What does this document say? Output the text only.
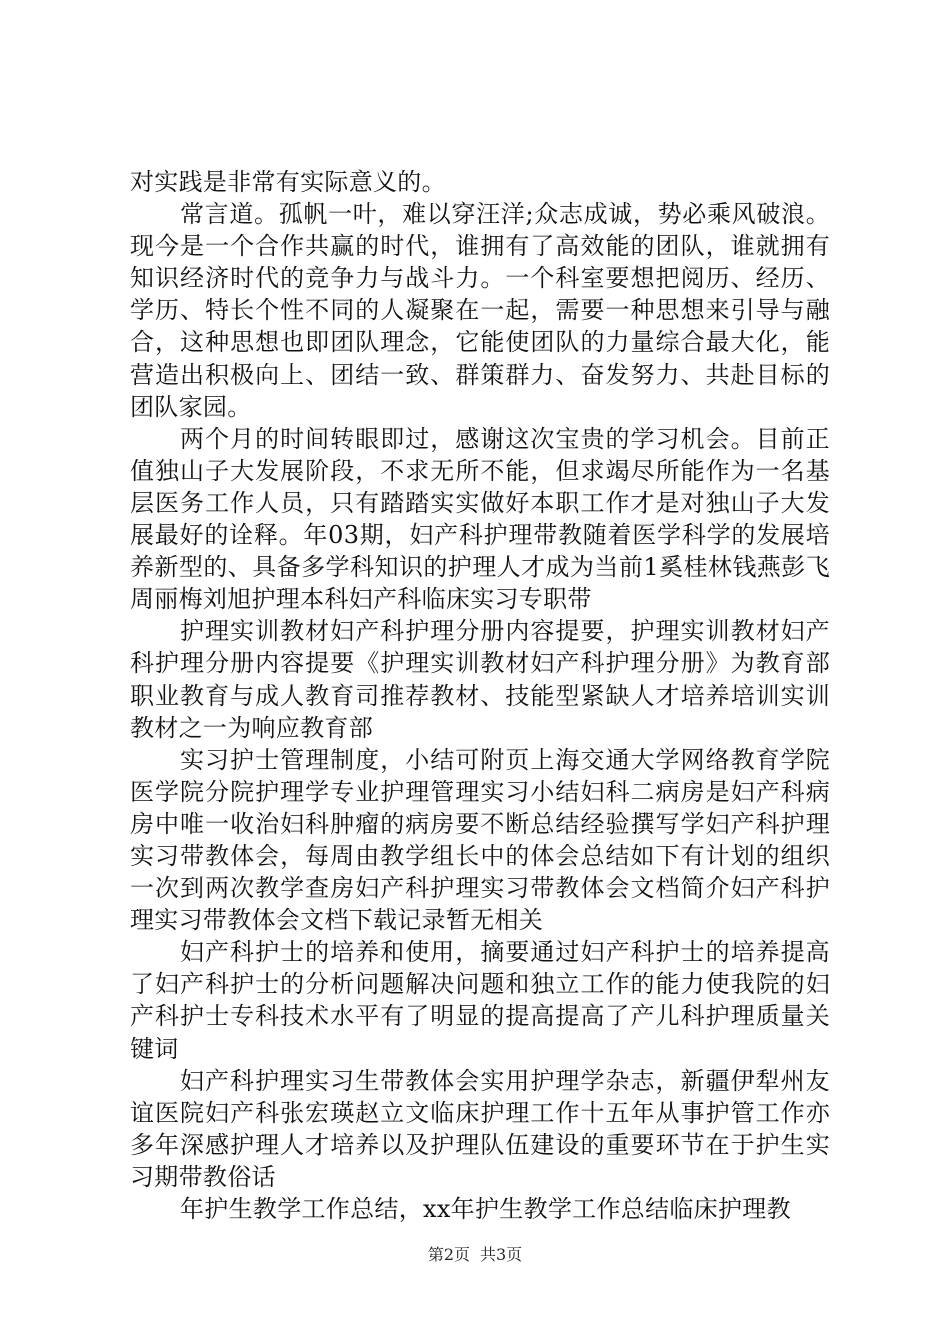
对实践是非常有实际意义的。

常言道。孤帆一叶，难以穿汪洋;众志成诚，势必乘风破浪。现今是一个合作共赢的时代，谁拥有了高效能的团队，谁就拥有知识经济时代的竞争力与战斗力。一个科室要想把阅历、经历、学历、特长个性不同的人凝聚在一起，需要一种思想来引导与融合，这种思想也即团队理念，它能使团队的力量综合最大化，能营造出积极向上、团结一致、群策群力、奋发努力、共赴目标的团队家园。

两个月的时间转眼即过，感谢这次宝贵的学习机会。目前正值独山子大发展阶段，不求无所不能，但求竭尽所能作为一名基层医务工作人员，只有踏踏实实做好本职工作才是对独山子大发展最好的诠释。年03期，妇产科护理带教随着医学科学的发展培养新型的、具备多学科知识的护理人才成为当前1奚桂林钱燕彭飞周丽梅刘旭护理本科妇产科临床实习专职带

护理实训教材妇产科护理分册内容提要，护理实训教材妇产科护理分册内容提要《护理实训教材妇产科护理分册》为教育部职业教育与成人教育司推荐教材、技能型紧缺人才培养培训实训教材之一为响应教育部

实习护士管理制度，小结可附页上海交通大学网络教育学院医学院分院护理学专业护理管理实习小结妇科二病房是妇产科病房中唯一收治妇科肿瘤的病房要不断总结经验撰写学妇产科护理实习带教体会，每周由教学组长中的体会总结如下有计划的组织一次到两次教学查房妇产科护理实习带教体会文档简介妇产科护理实习带教体会文档下载记录暂无相关

妇产科护士的培养和使用，摘要通过妇产科护士的培养提高了妇产科护士的分析问题解决问题和独立工作的能力使我院的妇产科护士专科技术水平有了明显的提高提高了产儿科护理质量关键词

妇产科护理实习生带教体会实用护理学杂志，新疆伊犁州友谊医院妇产科张宏瑛赵立文临床护理工作十五年从事护管工作亦多年深感护理人才培养以及护理队伍建设的重要环节在于护生实习期带教俗话

年护生教学工作总结，xx年护生教学工作总结临床护理教

第2页 共3页
